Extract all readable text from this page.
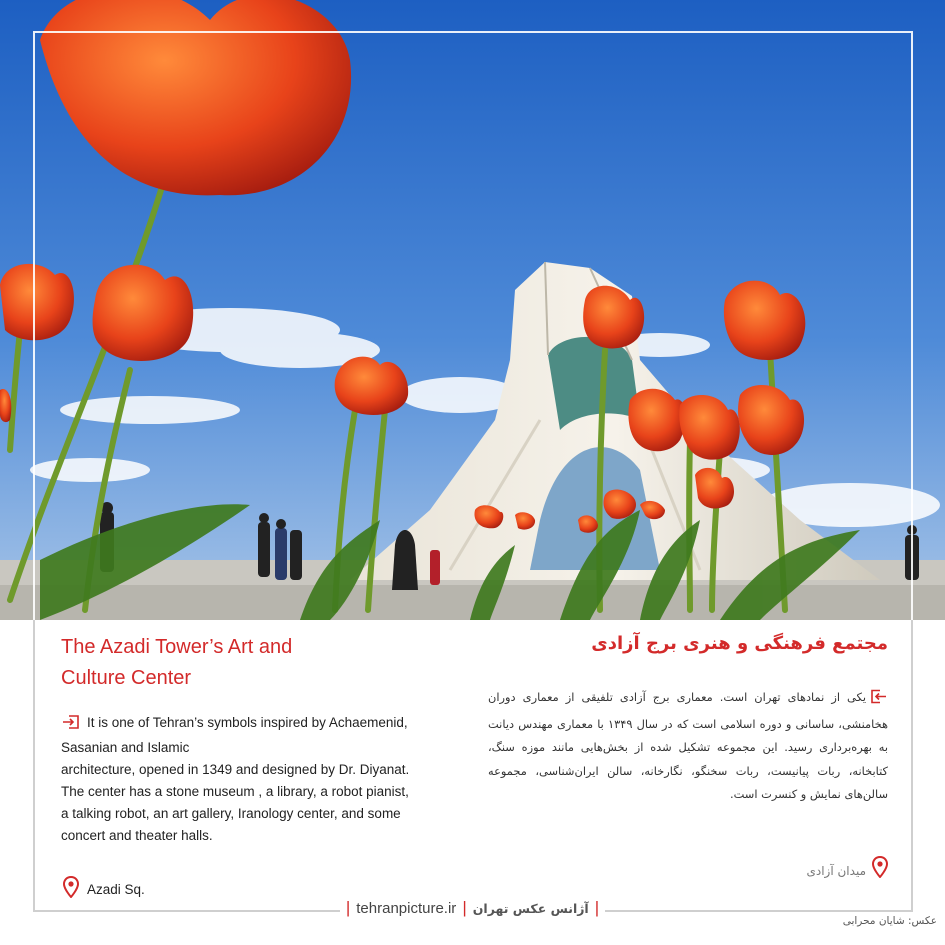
The Azadi Tower’s Art and
Culture Center
It is one of Tehran’s symbols inspired by Achaemenid,
Sasanian and Islamic
architecture, opened in 1349 and designed by Dr. Diyanat.
The center has a stone museum , a library, a robot pianist,
a talking robot, an art gallery, Iranology center, and some
concert and theater halls.
Azadi Sq.
مجتمع فرهنگی و هنری برج آزادی
یکی از نمادهای تهران است. معماری برج آزادی تلفیقی از معماری دوران هخامنشی، ساسانی و دوره اسلامی است که در سال ۱۳۴۹ با معماری مهندس دیانت به بهره‌برداری رسید. این مجموعه تشکیل شده از بخش‌هایی مانند موزه سنگ، کتابخانه، ربات پیانیست، ربات سخنگو، نگارخانه، سالن ایران‌شناسی، مجموعه سالن‌های نمایش و کنسرت است.
میدان آزادی
| tehranpicture.ir | آژانس عکس تهران |
عکس: شایان محرابی
